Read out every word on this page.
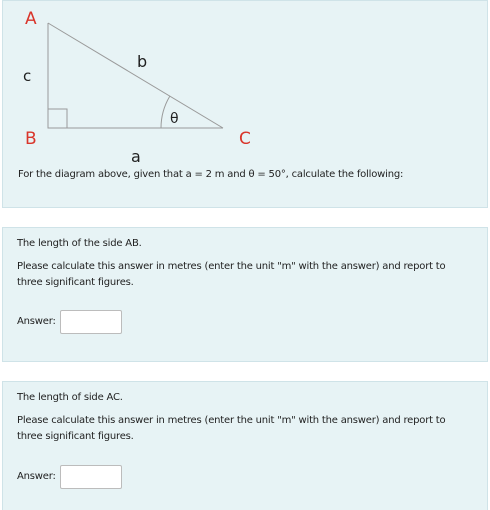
A
B	C
b
c
a
θ
For the diagram above, given that a = 2 m and θ = 50°, calculate the following:
The length of the side AB.
Please calculate this answer in metres (enter the unit "m" with the answer) and report to three significant figures.
Answer:
The length of side AC.
Please calculate this answer in metres (enter the unit "m" with the answer) and report to three significant figures.
Answer:
